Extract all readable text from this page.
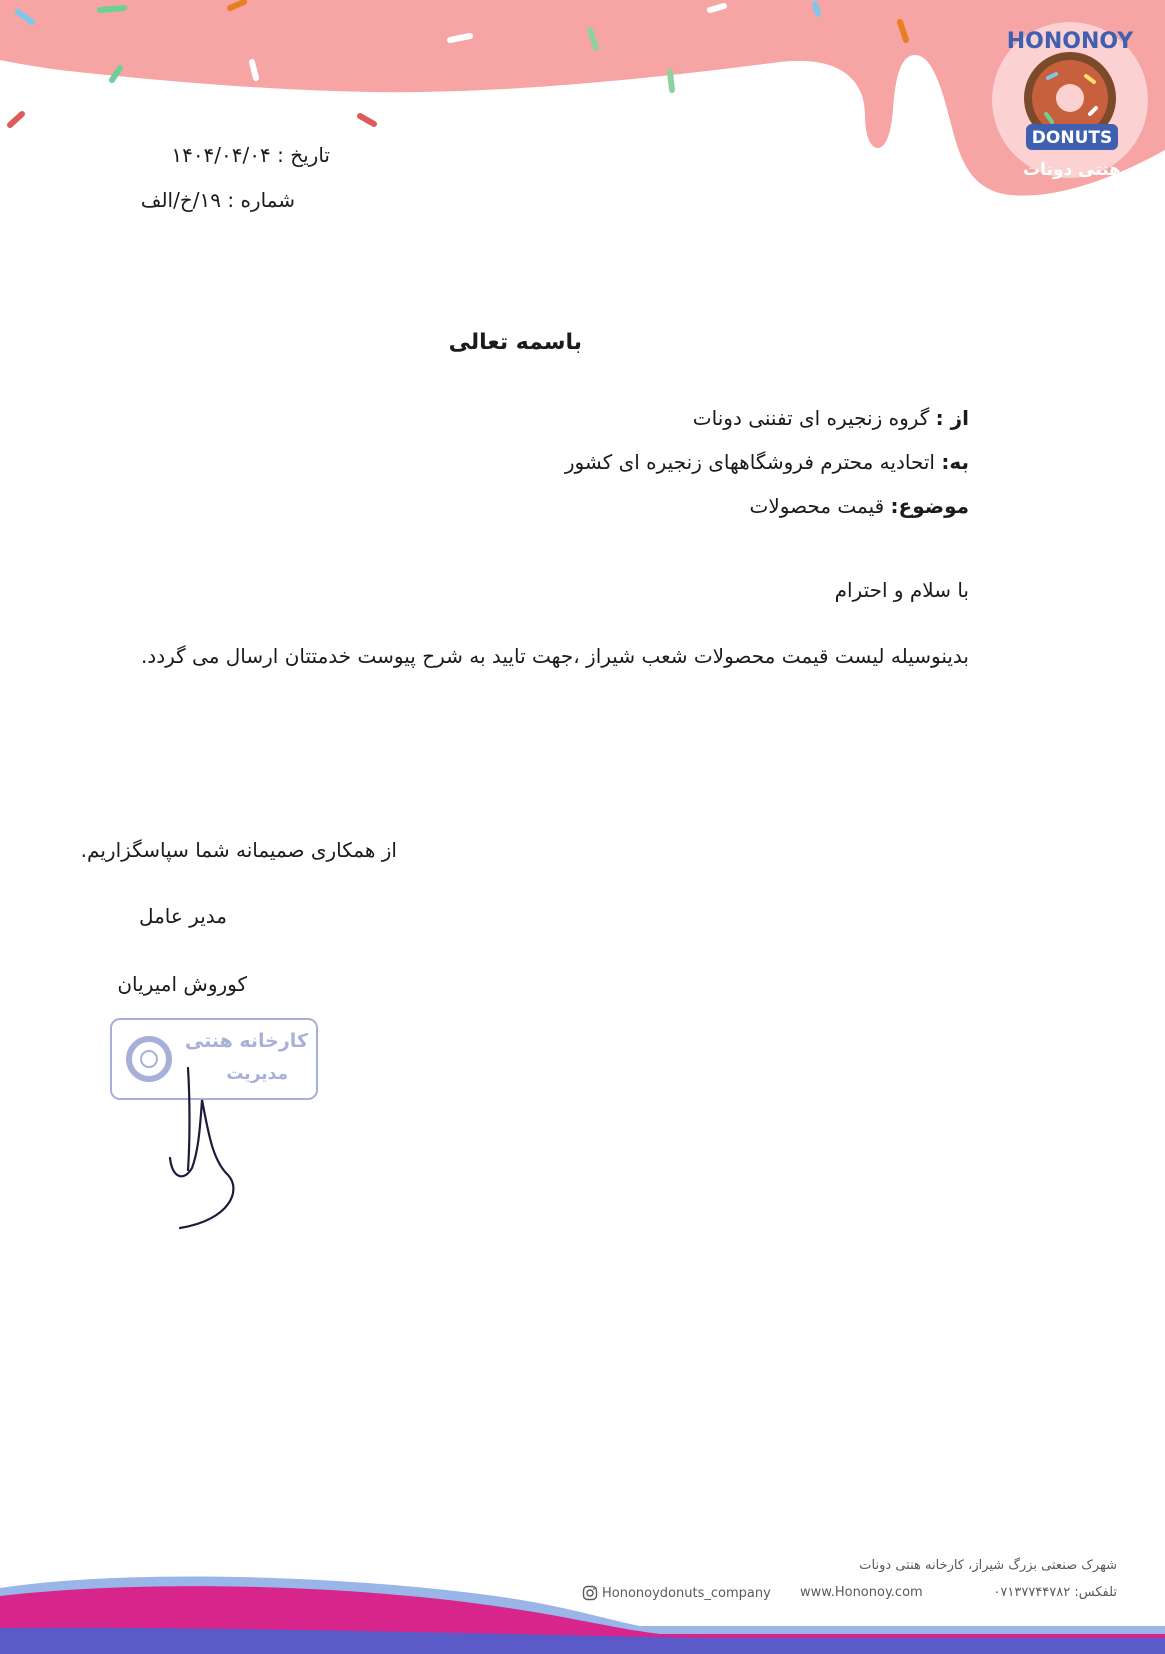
HONONOY
DONUTS
هنتی دونات
تاریخ : ۱۴۰۴/۰۴/۰۴
شماره : ۱۹/خ/الف
باسمه تعالی
از : گروه زنجیره ای تفننی دونات
به: اتحادیه محترم فروشگاههای زنجیره ای کشور
موضوع: قیمت محصولات
با سلام و احترام
بدینوسیله لیست قیمت محصولات شعب شیراز ،جهت تایید به شرح پیوست خدمتتان ارسال می گردد.
از همکاری صمیمانه شما سپاسگزاریم.
مدیر عامل
کوروش امیریان
کارخانه هنتی
مدیریت
شهرک صنعتی بزرگ شیراز، کارخانه هنتی دونات
تلفکس: ۰۷۱۳۷۷۴۴۷۸۲
www.Hononoy.com
Hononoydonuts_company
